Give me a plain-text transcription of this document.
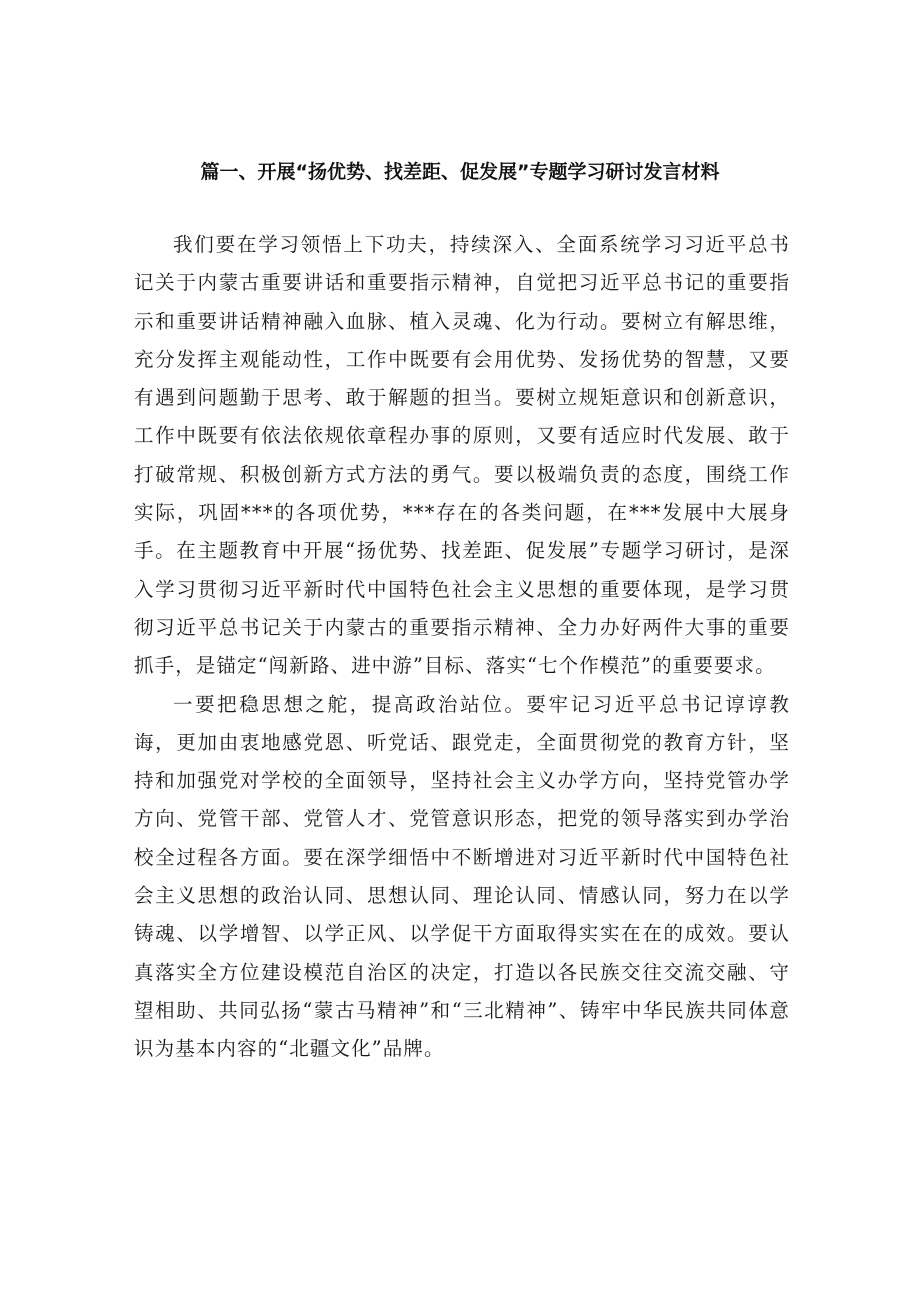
篇一、开展“扬优势、找差距、促发展”专题学习研讨发言材料

我们要在学习领悟上下功夫，持续深入、全面系统学习习近平总书记关于内蒙古重要讲话和重要指示精神，自觉把习近平总书记的重要指示和重要讲话精神融入血脉、植入灵魂、化为行动。要树立有解思维，充分发挥主观能动性，工作中既要有会用优势、发扬优势的智慧，又要有遇到问题勤于思考、敢于解题的担当。要树立规矩意识和创新意识，工作中既要有依法依规依章程办事的原则，又要有适应时代发展、敢于打破常规、积极创新方式方法的勇气。要以极端负责的态度，围绕工作实际，巩固***的各项优势，***存在的各类问题，在***发展中大展身手。在主题教育中开展“扬优势、找差距、促发展”专题学习研讨，是深入学习贯彻习近平新时代中国特色社会主义思想的重要体现，是学习贯彻习近平总书记关于内蒙古的重要指示精神、全力办好两件大事的重要抓手，是锚定“闯新路、进中游”目标、落实“七个作模范”的重要要求。

一要把稳思想之舵，提高政治站位。要牢记习近平总书记谆谆教诲，更加由衷地感党恩、听党话、跟党走，全面贯彻党的教育方针，坚持和加强党对学校的全面领导，坚持社会主义办学方向，坚持党管办学方向、党管干部、党管人才、党管意识形态，把党的领导落实到办学治校全过程各方面。要在深学细悟中不断增进对习近平新时代中国特色社会主义思想的政治认同、思想认同、理论认同、情感认同，努力在以学铸魂、以学增智、以学正风、以学促干方面取得实实在在的成效。要认真落实全方位建设模范自治区的决定，打造以各民族交往交流交融、守望相助、共同弘扬“蒙古马精神”和“三北精神”、铸牢中华民族共同体意识为基本内容的“北疆文化”品牌。
